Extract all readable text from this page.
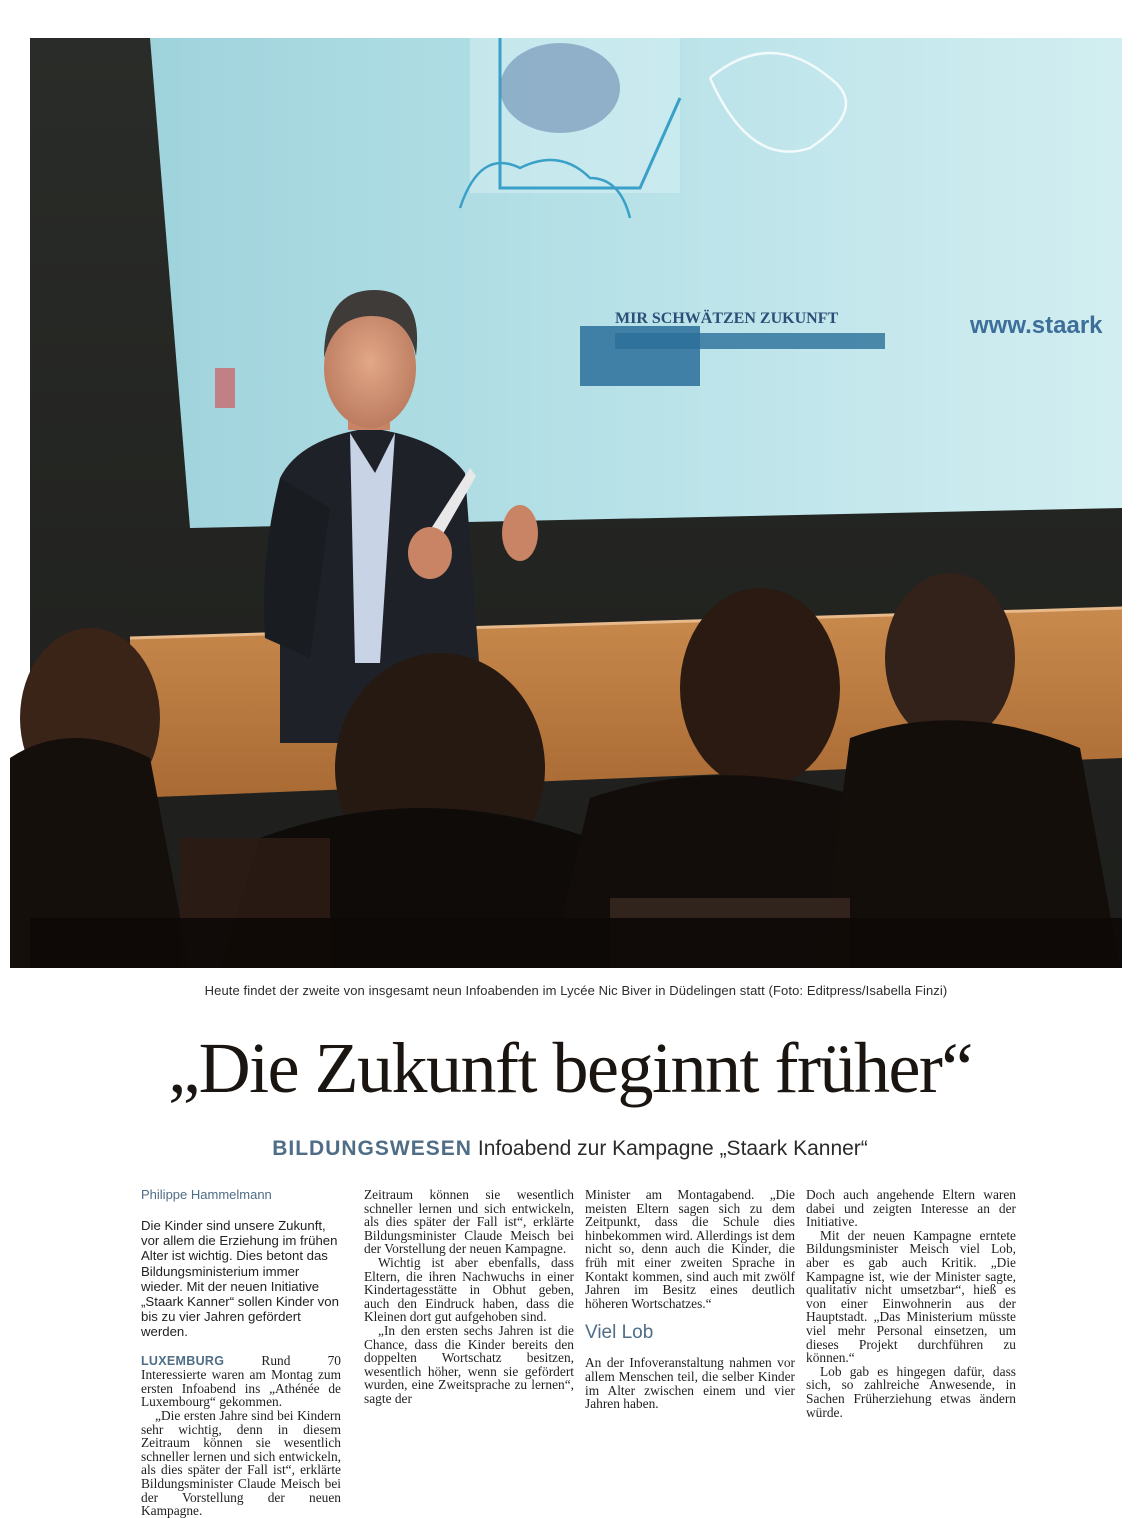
MIR SCHWÄTZEN ZUKUNFT	www.staark
Heute findet der zweite von insgesamt neun Infoabenden im Lycée Nic Biver in Düdelingen statt (Foto: Editpress/Isabella Finzi)
„Die Zukunft beginnt früher“
BILDUNGSWESEN Infoabend zur Kampagne „Staark Kanner“

Philippe Hammelmann

Die Kinder sind unsere Zukunft, vor allem die Erziehung im frühen Alter ist wichtig. Dies betont das Bildungsministerium immer wieder. Mit der neuen Initiative „Staark Kanner“ sollen Kinder von bis zu vier Jahren gefördert werden.

LUXEMBURG	Rund 70 Interessierte waren am Montag zum ersten Infoabend ins „Athénée de Luxembourg“ gekommen.

„Die ersten Jahre sind bei Kindern sehr wichtig, denn in diesem Zeitraum können sie wesentlich schneller lernen und sich entwickeln, als dies später der Fall ist“, erklärte Bildungsminister Claude Meisch bei der Vorstellung der neuen Kampagne.

Zeitraum können sie wesentlich schneller lernen und sich entwickeln, als dies später der Fall ist“, erklärte Bildungsminister Claude Meisch bei der Vorstellung der neuen Kampagne.

Wichtig ist aber ebenfalls, dass Eltern, die ihren Nachwuchs in einer Kindertagesstätte in Obhut geben, auch den Eindruck haben, dass die Kleinen dort gut aufgehoben sind.

„In den ersten sechs Jahren ist die Chance, dass die Kinder bereits den doppelten Wortschatz besitzen, wesentlich höher, wenn sie gefördert wurden, eine Zweitsprache zu lernen“, sagte der

Minister am Montagabend. „Die meisten Eltern sagen sich zu dem Zeitpunkt, dass die Schule dies hinbekommen wird. Allerdings ist dem nicht so, denn auch die Kinder, die früh mit einer zweiten Sprache in Kontakt kommen, sind auch mit zwölf Jahren im Besitz eines deutlich höheren Wortschatzes.“

Viel Lob

An der Infoveranstaltung nahmen vor allem Menschen teil, die selber Kinder im Alter zwischen einem und vier Jahren haben.

Doch auch angehende Eltern waren dabei und zeigten Interesse an der Initiative.

Mit der neuen Kampagne erntete Bildungsminister Meisch viel Lob, aber es gab auch Kritik. „Die Kampagne ist, wie der Minister sagte, qualitativ nicht umsetzbar“, hieß es von einer Einwohnerin aus der Hauptstadt. „Das Ministerium müsste viel mehr Personal einsetzen, um dieses Projekt durchführen zu können.“

Lob gab es hingegen dafür, dass sich, so zahlreiche Anwesende, in Sachen Früherziehung etwas ändern würde.
